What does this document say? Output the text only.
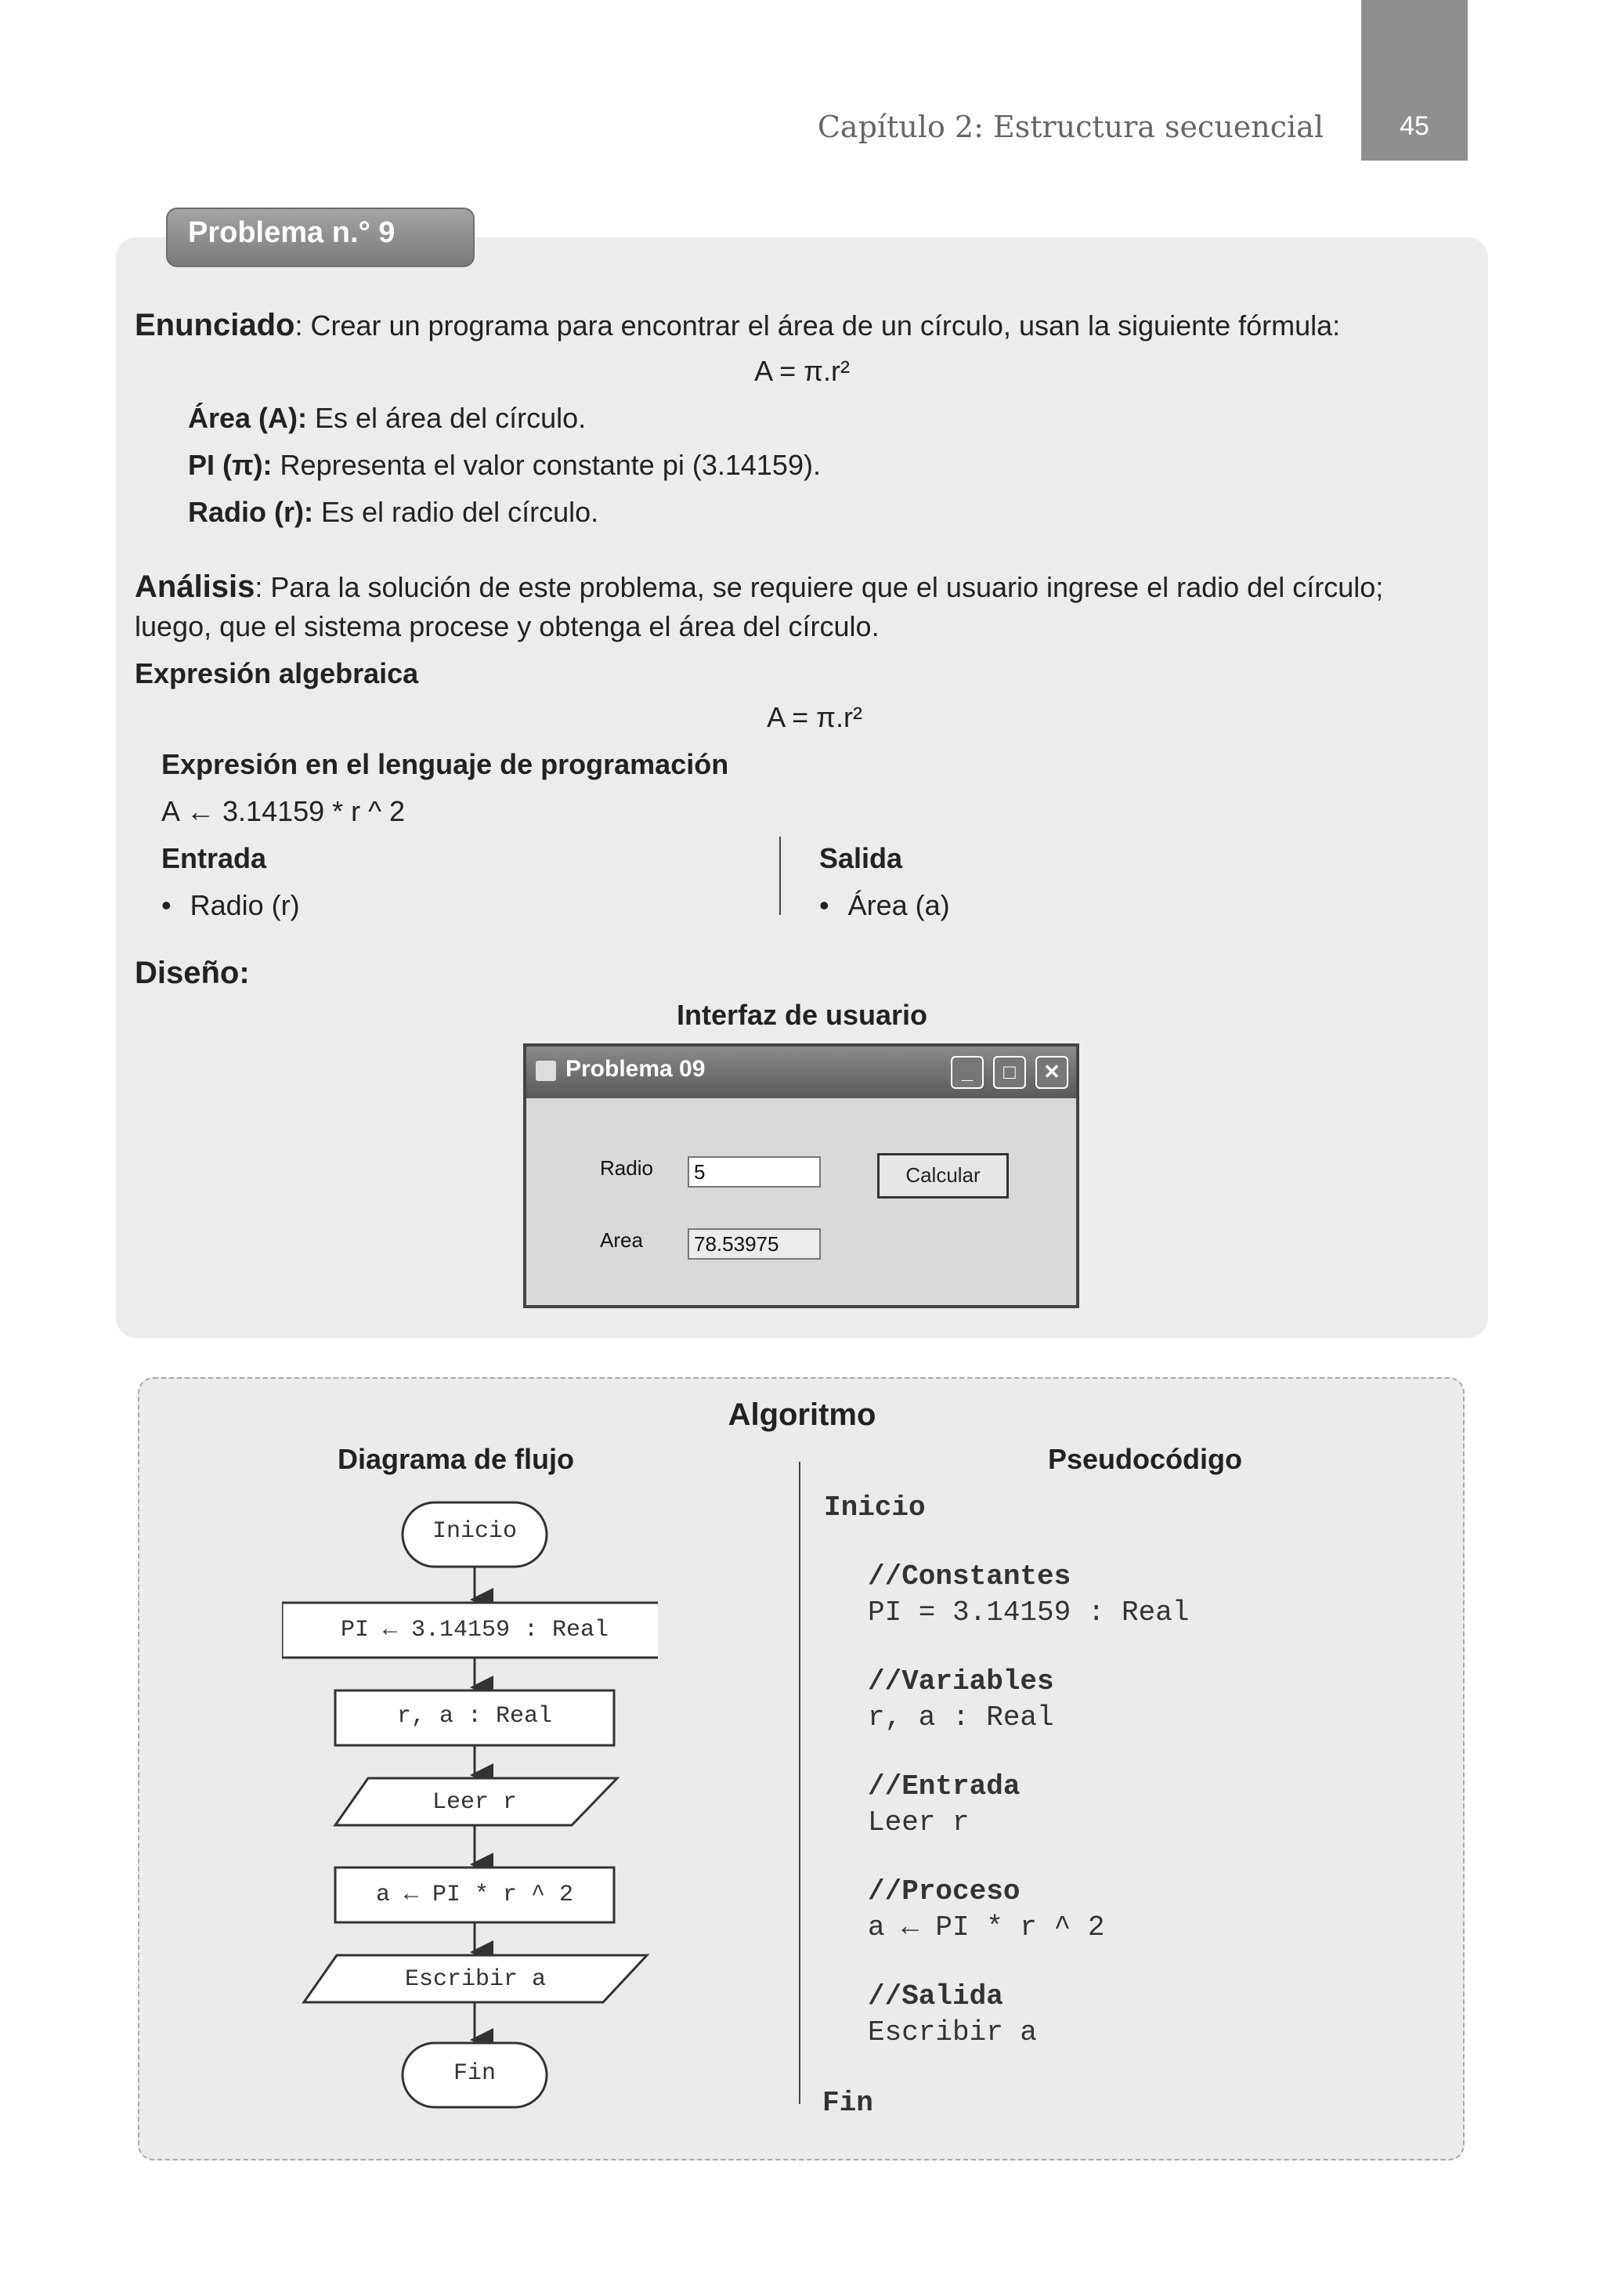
Capítulo 2: Estructura secuencial	45
Problema n.° 9
Enunciado: Crear un programa para encontrar el área de un círculo, usan la siguiente fórmula:
A = π.r²
Área (A): Es el área del círculo.
PI (π): Representa el valor constante pi (3.14159).
Radio (r): Es el radio del círculo.
Análisis: Para la solución de este problema, se requiere que el usuario ingrese el radio del círculo; luego, que el sistema procese y obtenga el área del círculo.
Expresión algebraica
A = π.r²
Expresión en el lenguaje de programación
A ← 3.14159 * r ^ 2
Entrada
• Radio (r)
Salida
• Área (a)
Diseño:
Interfaz de usuario
Problema 09	_	□	✕
Radio	5
Area	78.53975
Calcular
Algoritmo
Diagrama de flujo	Pseudocódigo
Inicio
PI ← 3.14159 : Real
r, a : Real
Leer r
a ← PI * r ^ 2
Escribir a
Fin
Inicio
//Constantes
PI = 3.14159 : Real
//Variables
r, a : Real
//Entrada
Leer r
//Proceso
a ← PI * r ^ 2
//Salida
Escribir a
Fin
